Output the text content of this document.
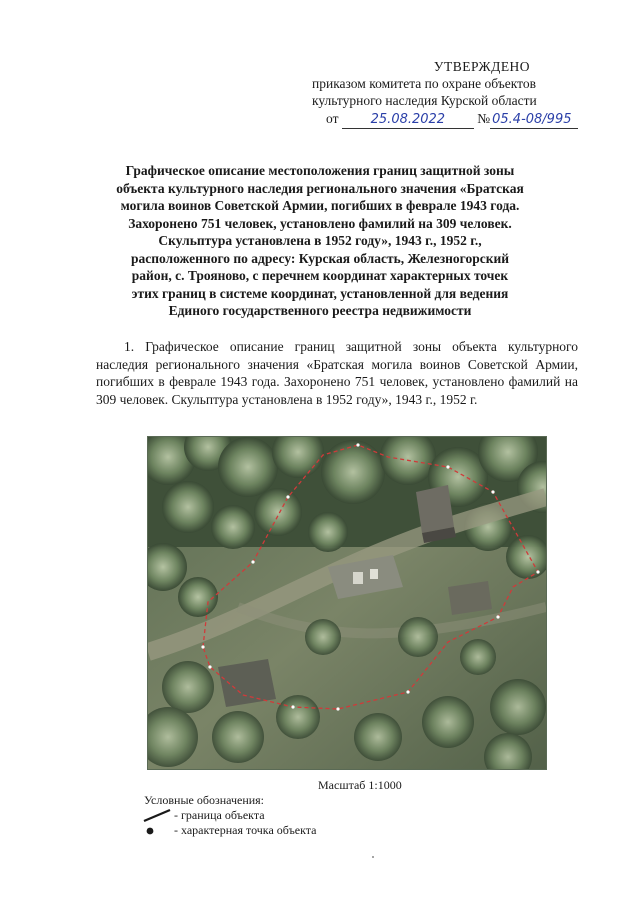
УТВЕРЖДЕНО
приказом комитета по охране объектов
культурного наследия Курской области
от 25.08.2022 № 05.4-08/995
Графическое описание местоположения границ защитной зоны
объекта культурного наследия регионального значения «Братская
могила воинов Советской Армии, погибших в феврале 1943 года.
Захоронено 751 человек, установлено фамилий на 309 человек.
Скульптура установлена в 1952 году», 1943 г., 1952 г.,
расположенного по адресу: Курская область, Железногорский
район, с. Трояново, с перечнем координат характерных точек
этих границ в системе координат, установленной для ведения
Единого государственного реестра недвижимости
1. Графическое описание границ защитной зоны объекта культурного наследия регионального значения «Братская могила воинов Советской Армии, погибших в феврале 1943 года. Захоронено 751 человек, установлено фамилий на 309 человек. Скульптура установлена в 1952 году», 1943 г., 1952 г.
Масштаб 1:1000
Условные обозначения:
- граница объекта
- характерная точка объекта
